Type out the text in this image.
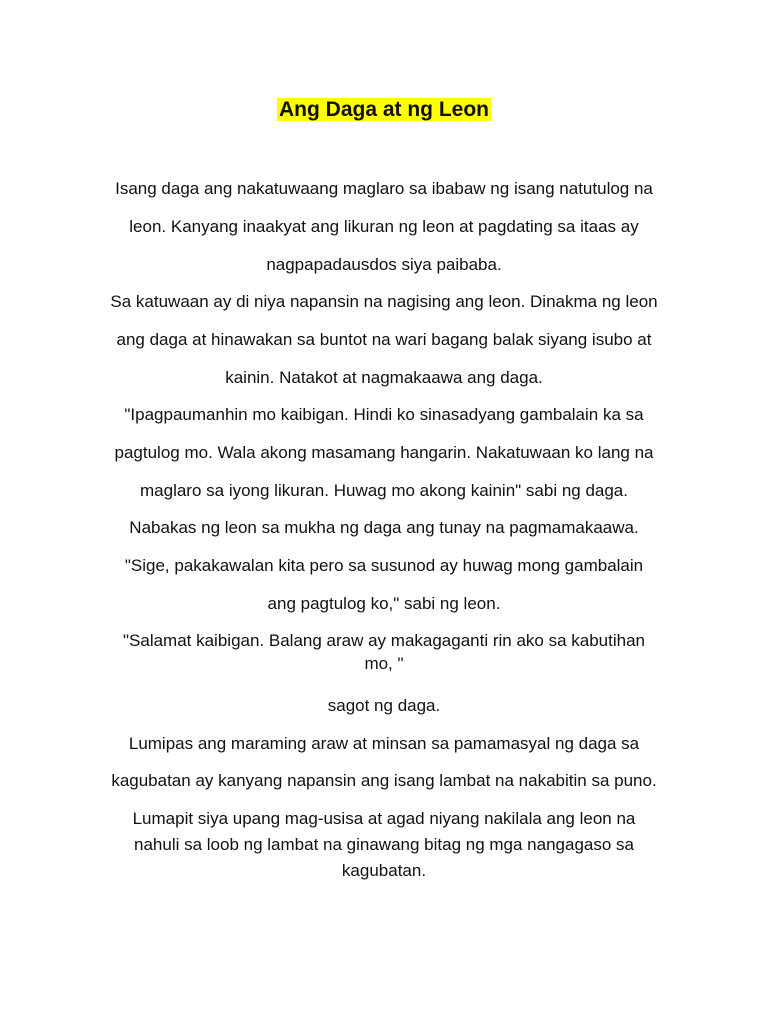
Ang Daga at ng Leon
Isang daga ang nakatuwaang maglaro sa ibabaw ng isang natutulog na
leon. Kanyang inaakyat ang likuran ng leon at pagdating sa itaas ay
nagpapadausdos siya paibaba.
Sa katuwaan ay di niya napansin na nagising ang leon. Dinakma ng leon
ang daga at hinawakan sa buntot na wari bagang balak siyang isubo at
kainin. Natakot at nagmakaawa ang daga.
"Ipagpaumanhin mo kaibigan. Hindi ko sinasadyang gambalain ka sa
pagtulog mo. Wala akong masamang hangarin. Nakatuwaan ko lang na
maglaro sa iyong likuran. Huwag mo akong kainin" sabi ng daga.
Nabakas ng leon sa mukha ng daga ang tunay na pagmamakaawa.
"Sige, pakakawalan kita pero sa susunod ay huwag mong gambalain
ang pagtulog ko," sabi ng leon.
"Salamat kaibigan. Balang araw ay makagaganti rin ako sa kabutihan
mo, "
sagot ng daga.
Lumipas ang maraming araw at minsan sa pamamasyal ng daga sa
kagubatan ay kanyang napansin ang isang lambat na nakabitin sa puno.
Lumapit siya upang mag-usisa at agad niyang nakilala ang leon na
nahuli sa loob ng lambat na ginawang bitag ng mga nangagaso sa
kagubatan.
